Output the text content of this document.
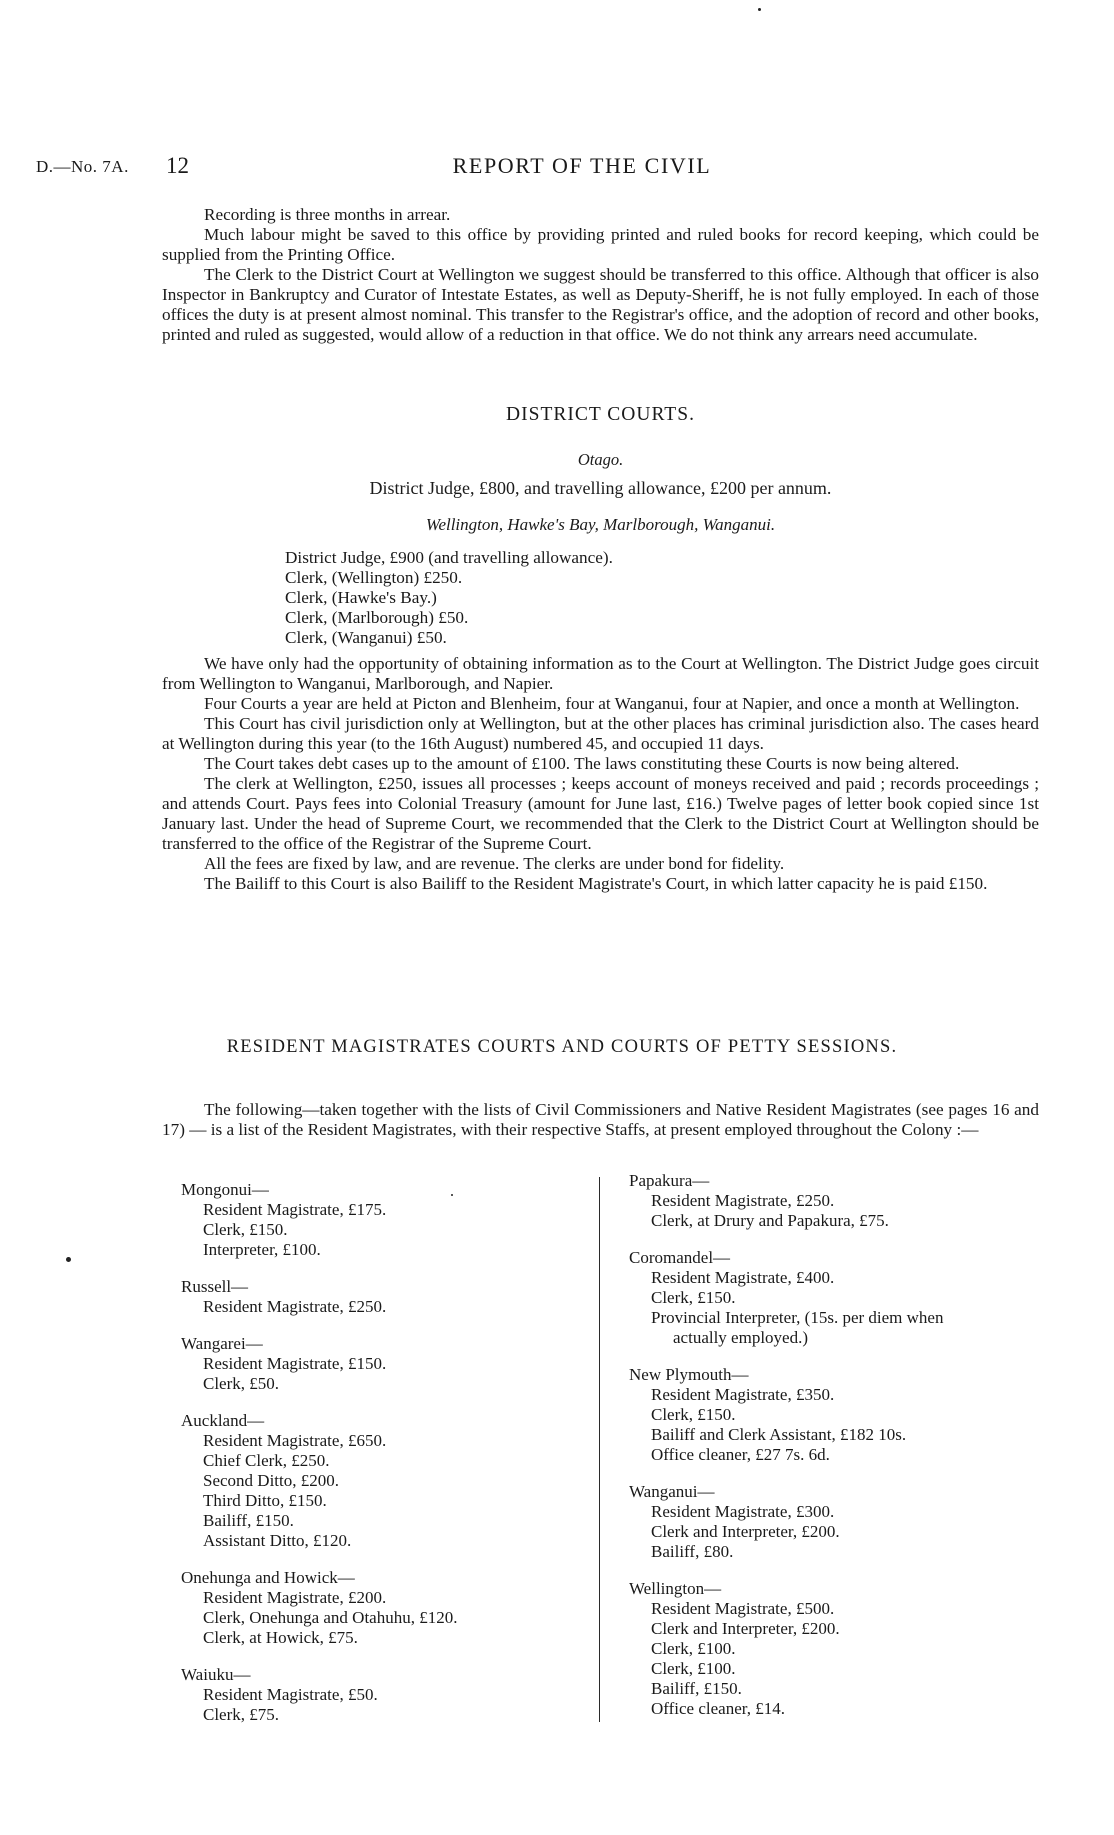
D.—No. 7A. 12	REPORT OF THE CIVIL

Recording is three months in arrear.

Much labour might be saved to this office by providing printed and ruled books for record keeping, which could be supplied from the Printing Office.

The Clerk to the District Court at Wellington we suggest should be transferred to this office. Although that officer is also Inspector in Bankruptcy and Curator of Intestate Estates, as well as Deputy-Sheriff, he is not fully employed. In each of those offices the duty is at present almost nominal. This transfer to the Registrar's office, and the adoption of record and other books, printed and ruled as suggested, would allow of a reduction in that office. We do not think any arrears need accumulate.

DISTRICT COURTS.
Otago.
District Judge, £800, and travelling allowance, £200 per annum.
Wellington, Hawke's Bay, Marlborough, Wanganui.
District Judge, £900 (and travelling allowance).
Clerk, (Wellington) £250.
Clerk, (Hawke's Bay.)
Clerk, (Marlborough) £50.
Clerk, (Wanganui) £50.

We have only had the opportunity of obtaining information as to the Court at Wellington. The District Judge goes circuit from Wellington to Wanganui, Marlborough, and Napier.

Four Courts a year are held at Picton and Blenheim, four at Wanganui, four at Napier, and once a month at Wellington.

This Court has civil jurisdiction only at Wellington, but at the other places has criminal jurisdiction also. The cases heard at Wellington during this year (to the 16th August) numbered 45, and occupied 11 days.

The Court takes debt cases up to the amount of £100. The laws constituting these Courts is now being altered.

The clerk at Wellington, £250, issues all processes ; keeps account of moneys received and paid ; records proceedings ; and attends Court. Pays fees into Colonial Treasury (amount for June last, £16.) Twelve pages of letter book copied since 1st January last. Under the head of Supreme Court, we recommended that the Clerk to the District Court at Wellington should be transferred to the office of the Registrar of the Supreme Court.

All the fees are fixed by law, and are revenue. The clerks are under bond for fidelity.

The Bailiff to this Court is also Bailiff to the Resident Magistrate's Court, in which latter capacity he is paid £150.

RESIDENT MAGISTRATES COURTS AND COURTS OF PETTY SESSIONS.

The following—taken together with the lists of Civil Commissioners and Native Resident Magistrates (see pages 16 and 17) — is a list of the Resident Magistrates, with their respective Staffs, at present employed throughout the Colony :—

Mongonui—
Resident Magistrate, £175.
Clerk, £150.
Interpreter, £100.
Russell—
Resident Magistrate, £250.
Wangarei—
Resident Magistrate, £150.
Clerk, £50.
Auckland—
Resident Magistrate, £650.
Chief Clerk, £250.
Second Ditto, £200.
Third Ditto, £150.
Bailiff, £150.
Assistant Ditto, £120.
Onehunga and Howick—
Resident Magistrate, £200.
Clerk, Onehunga and Otahuhu, £120.
Clerk, at Howick, £75.
Waiuku—
Resident Magistrate, £50.
Clerk, £75.
Papakura—
Resident Magistrate, £250.
Clerk, at Drury and Papakura, £75.
Coromandel—
Resident Magistrate, £400.
Clerk, £150.
Provincial Interpreter, (15s. per diem when
actually employed.)
New Plymouth—
Resident Magistrate, £350.
Clerk, £150.
Bailiff and Clerk Assistant, £182 10s.
Office cleaner, £27 7s. 6d.
Wanganui—
Resident Magistrate, £300.
Clerk and Interpreter, £200.
Bailiff, £80.
Wellington—
Resident Magistrate, £500.
Clerk and Interpreter, £200.
Clerk, £100.
Clerk, £100.
Bailiff, £150.
Office cleaner, £14.
